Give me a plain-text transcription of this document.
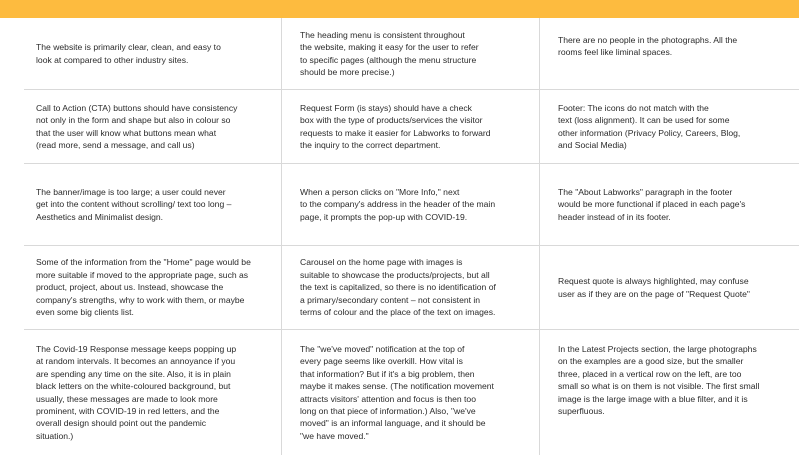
The website is primarily clear, clean, and easy to
look at compared to other industry sites.

The heading menu is consistent throughout
the website, making it easy for the user to refer
to specific pages (although the menu structure
should be more precise.)

There are no people in the photographs. All the
rooms feel like liminal spaces.

Call to Action (CTA) buttons should have consistency
not only in the form and shape but also in colour so
that the user will know what buttons mean what
(read more, send a message, and call us)

Request Form (is stays) should have a check
box with the type of products/services the visitor
requests to make it easier for Labworks to forward
the inquiry to the correct department.

Footer: The icons do not match with the
text (loss alignment). It can be used for some
other information (Privacy Policy, Careers, Blog,
and Social Media)

The banner/image is too large; a user could never
get into the content without scrolling/ text too long –
Aesthetics and Minimalist design.

When a person clicks on "More Info," next
to the company's address in the header of the main
page, it prompts the pop-up with COVID-19.

The "About Labworks" paragraph in the footer
would be more functional if placed in each page's
header instead of in its footer.

Some of the information from the "Home" page would be
more suitable if moved to the appropriate page, such as
product, project, about us. Instead, showcase the
company's strengths, why to work with them, or maybe
even some big clients list.

Carousel on the home page with images is
suitable to showcase the products/projects, but all
the text is capitalized, so there is no identification of
a primary/secondary content – not consistent in
terms of colour and the place of the text on images.

Request quote is always highlighted, may confuse
user as if they are on the page of "Request Quote"

The Covid-19 Response message keeps popping up
at random intervals. It becomes an annoyance if you
are spending any time on the site. Also, it is in plain
black letters on the white-coloured background, but
usually, these messages are made to look more
prominent, with COVID-19 in red letters, and the
overall design should point out the pandemic
situation.)

The "we've moved" notification at the top of
every page seems like overkill. How vital is
that information? But if it's a big problem, then
maybe it makes sense. (The notification movement
attracts visitors' attention and focus is then too
long on that piece of information.) Also, "we've
moved" is an informal language, and it should be
"we have moved."

In the Latest Projects section, the large photographs
on the examples are a good size, but the smaller
three, placed in a vertical row on the left, are too
small so what is on them is not visible. The first small
image is the large image with a blue filter, and it is
superfluous.
